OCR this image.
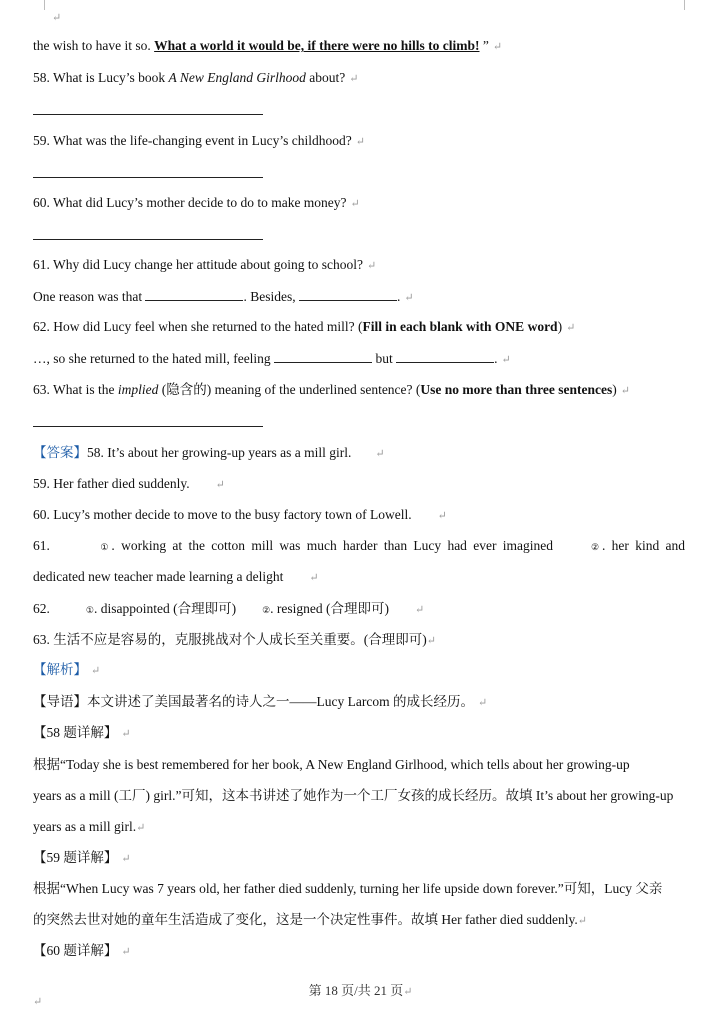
↵
the wish to have it so. What a world it would be, if there were no hills to climb! ” ↵
58. What is Lucy’s book A New England Girlhood about? ↵
59. What was the life-changing event in Lucy’s childhood? ↵
60. What did Lucy’s mother decide to do to make money? ↵
61. Why did Lucy change her attitude about going to school? ↵
One reason was that	. Besides,	. ↵
62. How did Lucy feel when she returned to the hated mill? (Fill in each blank with ONE word) ↵
…, so she returned to the hated mill, feeling	but	. ↵
63. What is the implied (隐含的) meaning of the underlined sentence? (Use no more than three sentences) ↵
【答案】58. It’s about her growing-up years as a mill girl. ↵
59. Her father died suddenly. ↵
60. Lucy’s mother decide to move to the busy factory town of Lowell. ↵
61.	①. working at the cotton mill was much harder than Lucy had ever imagined	②. her kind and
dedicated new teacher made learning a delight ↵
62.	①. disappointed (合理即可)	②. resigned (合理即可) ↵
63. 生活不应是容易的，克服挑战对个人成长至关重要。(合理即可)↵
【解析】 ↵
【导语】本文讲述了美国最著名的诗人之一——Lucy Larcom 的成长经历。 ↵
【58 题详解】 ↵
根据“Today she is best remembered for her book, A New England Girlhood, which tells about her growing-up
years as a mill (工厂) girl.”可知，这本书讲述了她作为一个工厂女孩的成长经历。故填 It’s about her growing-up
years as a mill girl.↵
【59 题详解】 ↵
根据“When Lucy was 7 years old, her father died suddenly, turning her life upside down forever.”可知，Lucy 父亲
的突然去世对她的童年生活造成了变化，这是一个决定性事件。故填 Her father died suddenly.↵
【60 题详解】 ↵
第 18 页/共 21 页↵
↵
